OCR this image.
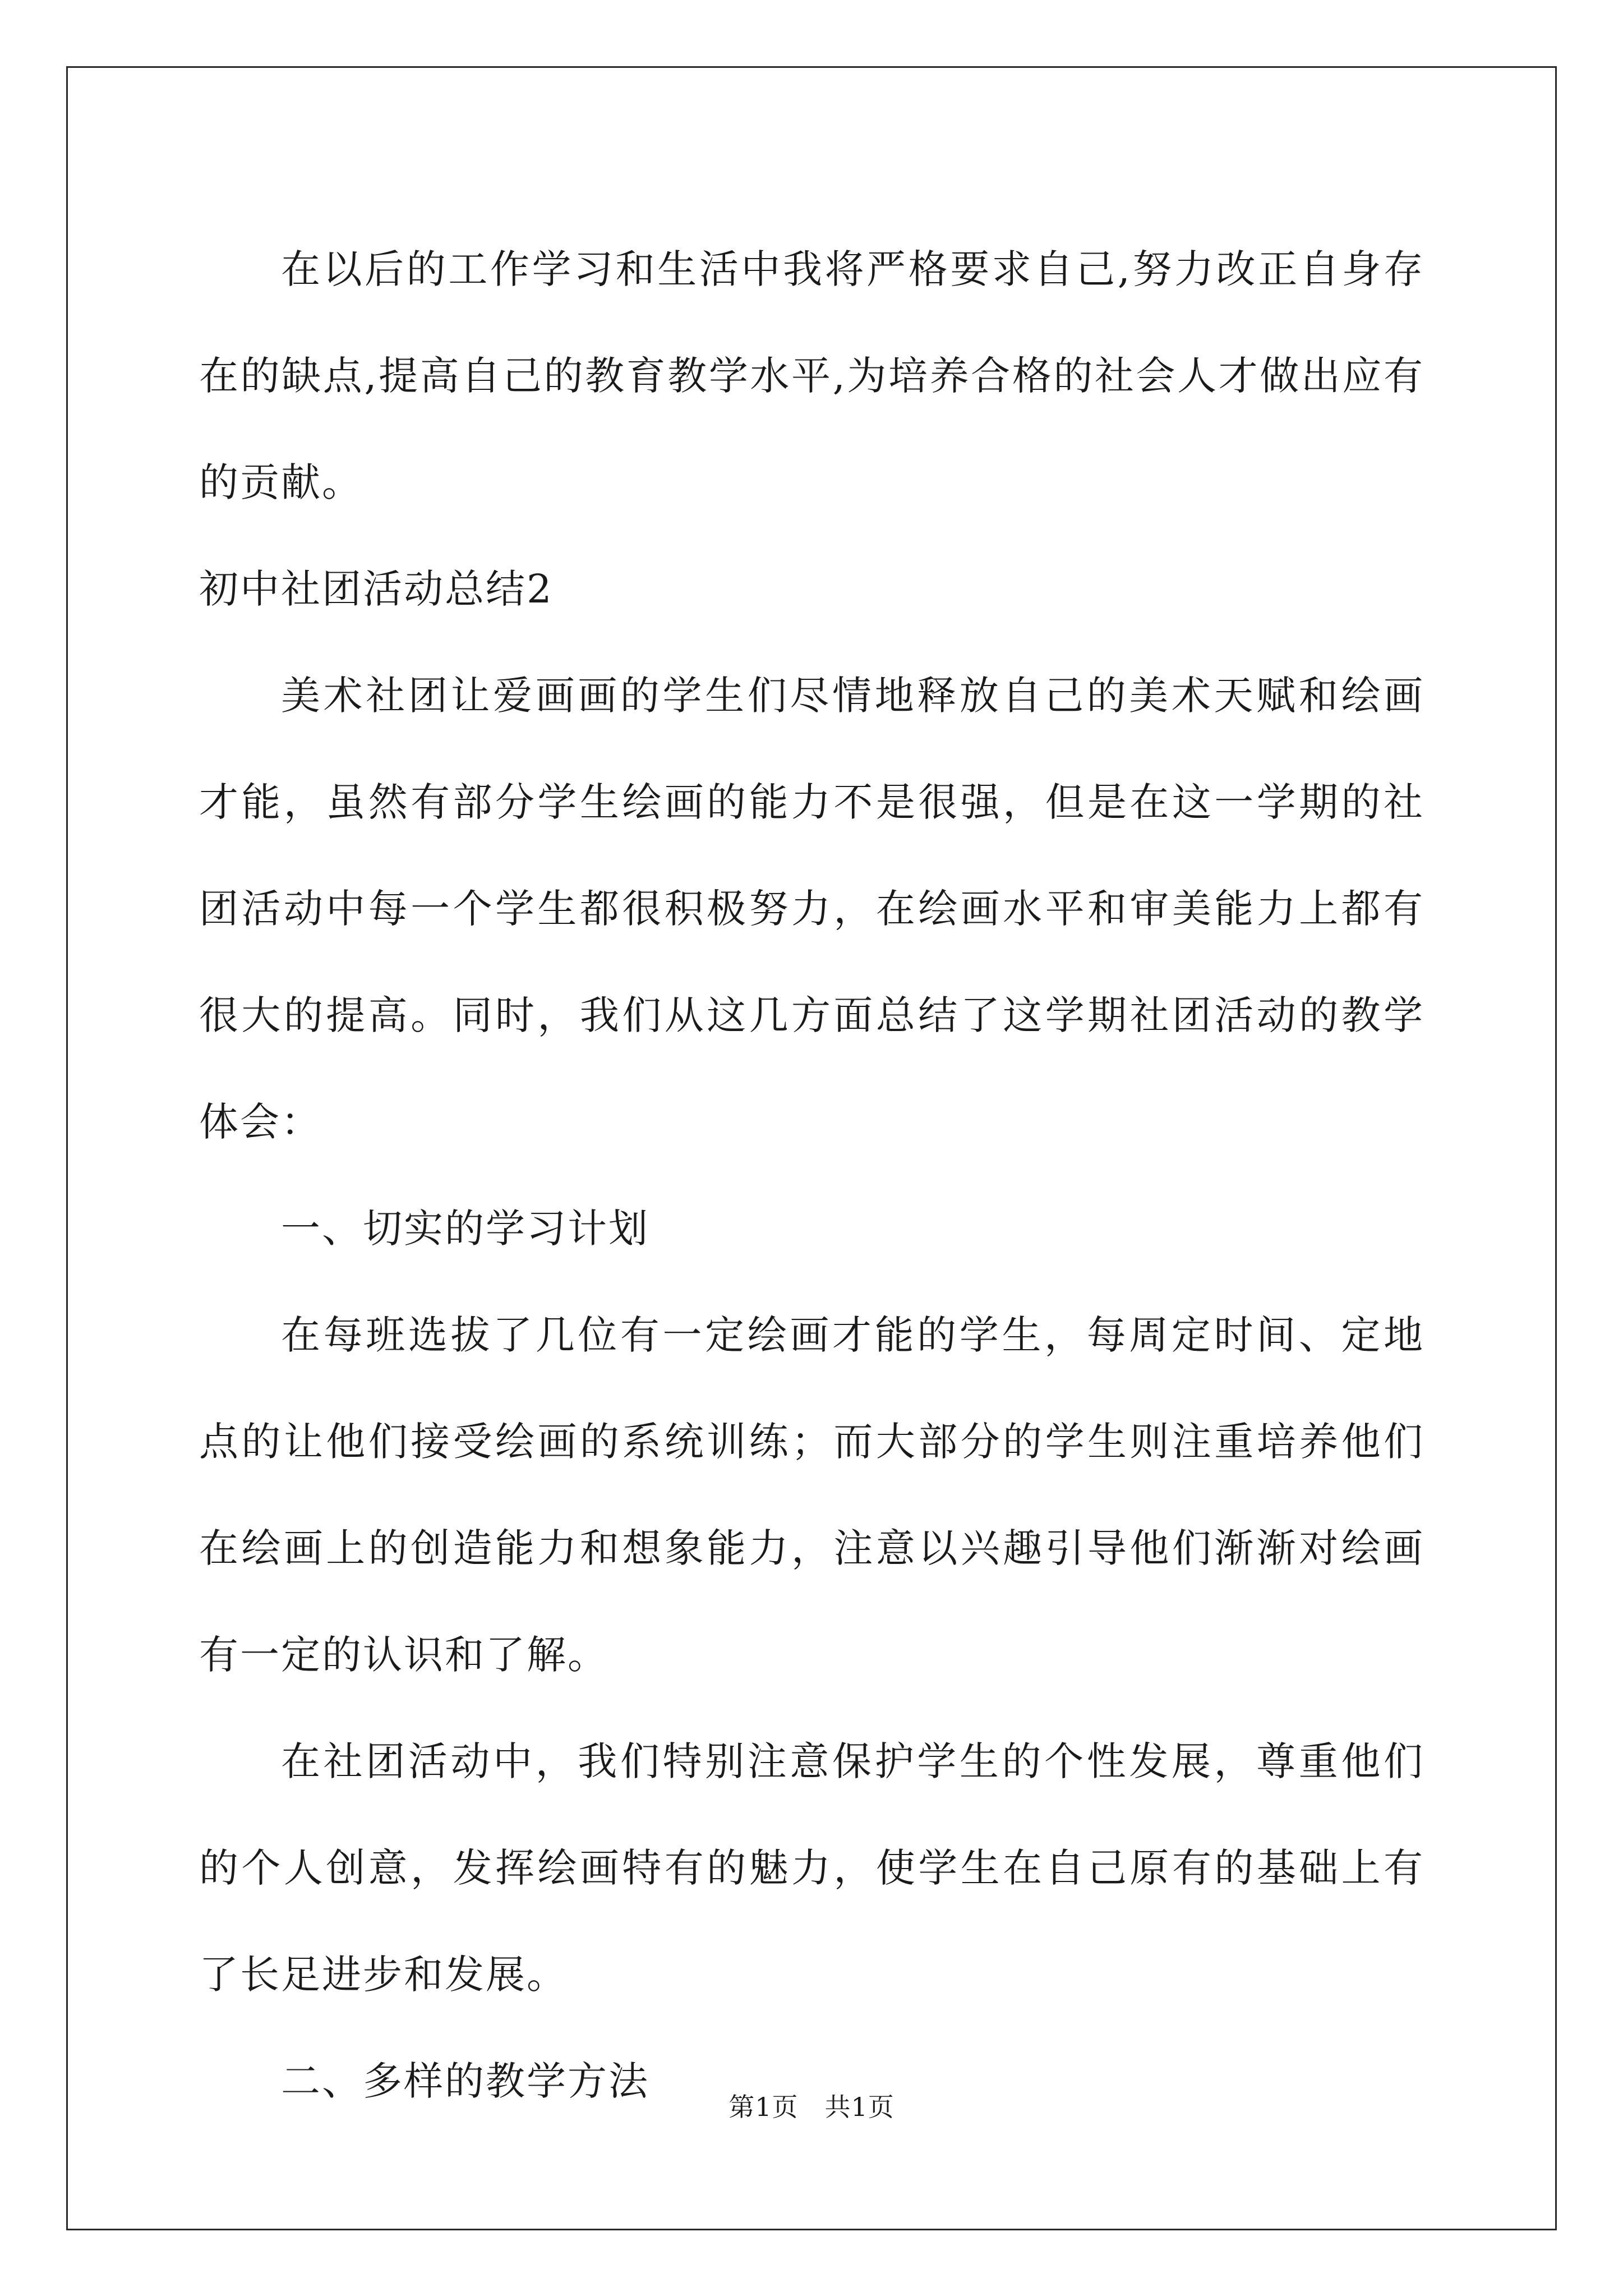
在以后的工作学习和生活中我将严格要求自己,努力改正自身存在的缺点,提高自己的教育教学水平,为培养合格的社会人才做出应有的贡献。

初中社团活动总结2

美术社团让爱画画的学生们尽情地释放自己的美术天赋和绘画才能，虽然有部分学生绘画的能力不是很强，但是在这一学期的社团活动中每一个学生都很积极努力，在绘画水平和审美能力上都有很大的提高。同时，我们从这几方面总结了这学期社团活动的教学体会：

一、切实的学习计划

在每班选拔了几位有一定绘画才能的学生，每周定时间、定地点的让他们接受绘画的系统训练；而大部分的学生则注重培养他们在绘画上的创造能力和想象能力，注意以兴趣引导他们渐渐对绘画有一定的认识和了解。

在社团活动中，我们特别注意保护学生的个性发展，尊重他们的个人创意，发挥绘画特有的魅力，使学生在自己原有的基础上有了长足进步和发展。

二、多样的教学方法

第1页 共1页
